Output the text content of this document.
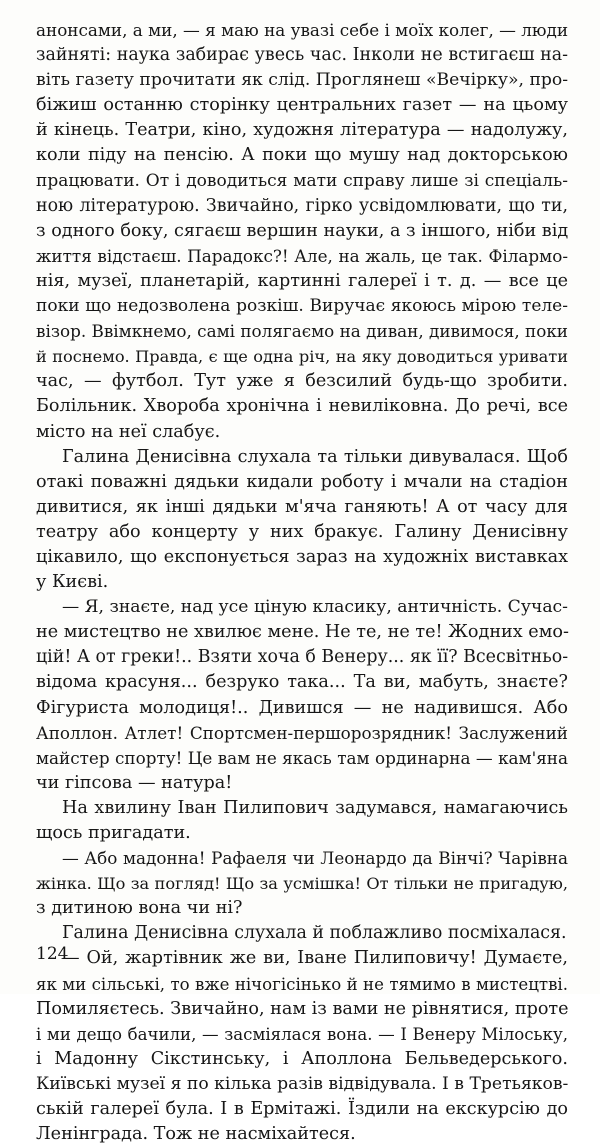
анонсами, а ми, — я маю на увазі себе і моїх колег, — люди
зайняті: наука забирає увесь час. Інколи не встигаєш на-
віть газету прочитати як слід. Проглянеш «Вечірку», про-
біжиш останню сторінку центральних газет — на цьому
й кінець. Театри, кіно, художня література — надолужу,
коли піду на пенсію. А поки що мушу над докторською
працювати. От і доводиться мати справу лише зі спеціаль-
ною літературою. Звичайно, гірко усвідомлювати, що ти,
з одного боку, сягаєш вершин науки, а з іншого, ніби від
життя відстаєш. Парадокс?! Але, на жаль, це так. Філармо-
нія, музеї, планетарій, картинні галереї і т. д. — все це
поки що недозволена розкіш. Виручає якоюсь мірою теле-
візор. Ввімкнемо, самі полягаємо на диван, дивимося, поки
й поснемо. Правда, є ще одна річ, на яку доводиться уривати
час, — футбол. Тут уже я безсилий будь-що зробити.
Болільник. Хвороба хронічна і невиліковна. До речі, все
місто на неї слабує.
Галина Денисівна слухала та тільки дивувалася. Щоб
отакі поважні дядьки кидали роботу і мчали на стадіон
дивитися, як інші дядьки м'яча ганяють! А от часу для
театру або концерту у них бракує. Галину Денисівну
цікавило, що експонується зараз на художніх виставках
у Києві.
— Я, знаєте, над усе ціную класику, античність. Сучас-
не мистецтво не хвилює мене. Не те, не те! Жодних емо-
цій! А от греки!.. Взяти хоча б Венеру... як її? Всесвітньо-
відома красуня... безруко така... Та ви, мабуть, знаєте?
Фігуриста молодиця!.. Дивишся — не надивишся. Або
Аполлон. Атлет! Спортсмен-першорозрядник! Заслужений
майстер спорту! Це вам не якась там ординарна — кам'яна
чи гіпсова — натура!
На хвилину Іван Пилипович задумався, намагаючись
щось пригадати.
— Або мадонна! Рафаеля чи Леонардо да Вінчі? Чарівна
жінка. Що за погляд! Що за усмішка! От тільки не пригадую,
з дитиною вона чи ні?
Галина Денисівна слухала й поблажливо посміхалася.
— Ой, жартівник же ви, Іване Пилиповичу! Думаєте,
як ми сільські, то вже нічогісінько й не тямимо в мистецтві.
Помиляєтесь. Звичайно, нам із вами не рівнятися, проте
і ми дещо бачили, — засміялася вона. — І Венеру Мілоську,
і Мадонну Сікстинську, і Аполлона Бельведерського.
Київські музеї я по кілька разів відвідувала. І в Третьяков-
ській галереї була. І в Ермітажі. Їздили на екскурсію до
Ленінграда. Тож не насміхайтеся.
124
